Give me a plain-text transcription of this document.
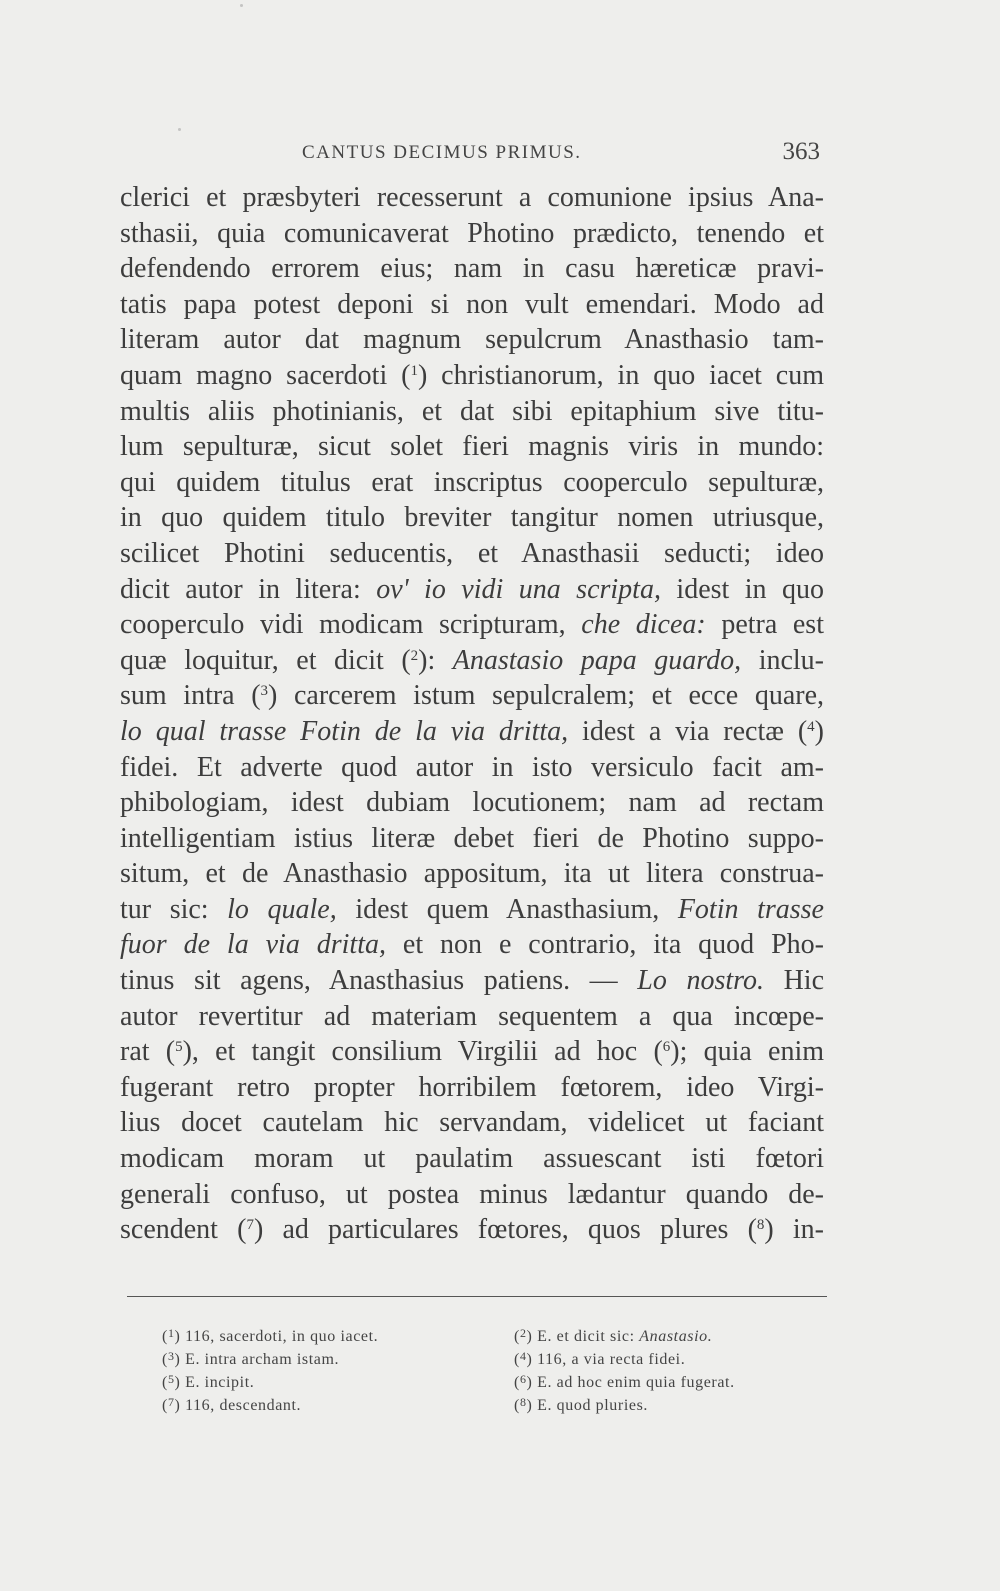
CANTUS DECIMUS PRIMUS.	363
clerici et præsbyteri recesserunt a comunione ipsius Ana-
sthasii, quia comunicaverat Photino prædicto, tenendo et
defendendo errorem eius; nam in casu hæreticæ pravi-
tatis papa potest deponi si non vult emendari. Modo ad
literam autor dat magnum sepulcrum Anasthasio tam-
quam magno sacerdoti ($^1$) christianorum, in quo iacet cum
multis aliis photinianis, et dat sibi epitaphium sive titu-
lum sepulturæ, sicut solet fieri magnis viris in mundo:
qui quidem titulus erat inscriptus cooperculo sepulturæ,
in quo quidem titulo breviter tangitur nomen utriusque,
scilicet Photini seducentis, et Anasthasii seducti; ideo
dicit autor in litera: ov' io vidi una scripta, idest in quo
cooperculo vidi modicam scripturam, che dicea: petra est
quæ loquitur, et dicit ($^2$): Anastasio papa guardo, inclu-
sum intra ($^3$) carcerem istum sepulcralem; et ecce quare,
lo qual trasse Fotin de la via dritta, idest a via rectæ ($^4$)
fidei. Et adverte quod autor in isto versiculo facit am-
phibologiam, idest dubiam locutionem; nam ad rectam
intelligentiam istius literæ debet fieri de Photino suppo-
situm, et de Anasthasio appositum, ita ut litera construa-
tur sic: lo quale, idest quem Anasthasium, Fotin trasse
fuor de la via dritta, et non e contrario, ita quod Pho-
tinus sit agens, Anasthasius patiens. — Lo nostro. Hic
autor revertitur ad materiam sequentem a qua incœpe-
rat ($^5$), et tangit consilium Virgilii ad hoc ($^6$); quia enim
fugerant retro propter horribilem fœtorem, ideo Virgi-
lius docet cautelam hic servandam, videlicet ut faciant
modicam moram ut paulatim assuescant isti fœtori
generali confuso, ut postea minus lædantur quando de-
scendent ($^7$) ad particulares fœtores, quos plures ($^8$) in-
($^1$) 116, sacerdoti, in quo iacet.
($^3$) E. intra archam istam.
($^5$) E. incipit.
($^7$) 116, descendant.
($^2$) E. et dicit sic: Anastasio.
($^4$) 116, a via recta fidei.
($^6$) E. ad hoc enim quia fugerat.
($^8$) E. quod pluries.
